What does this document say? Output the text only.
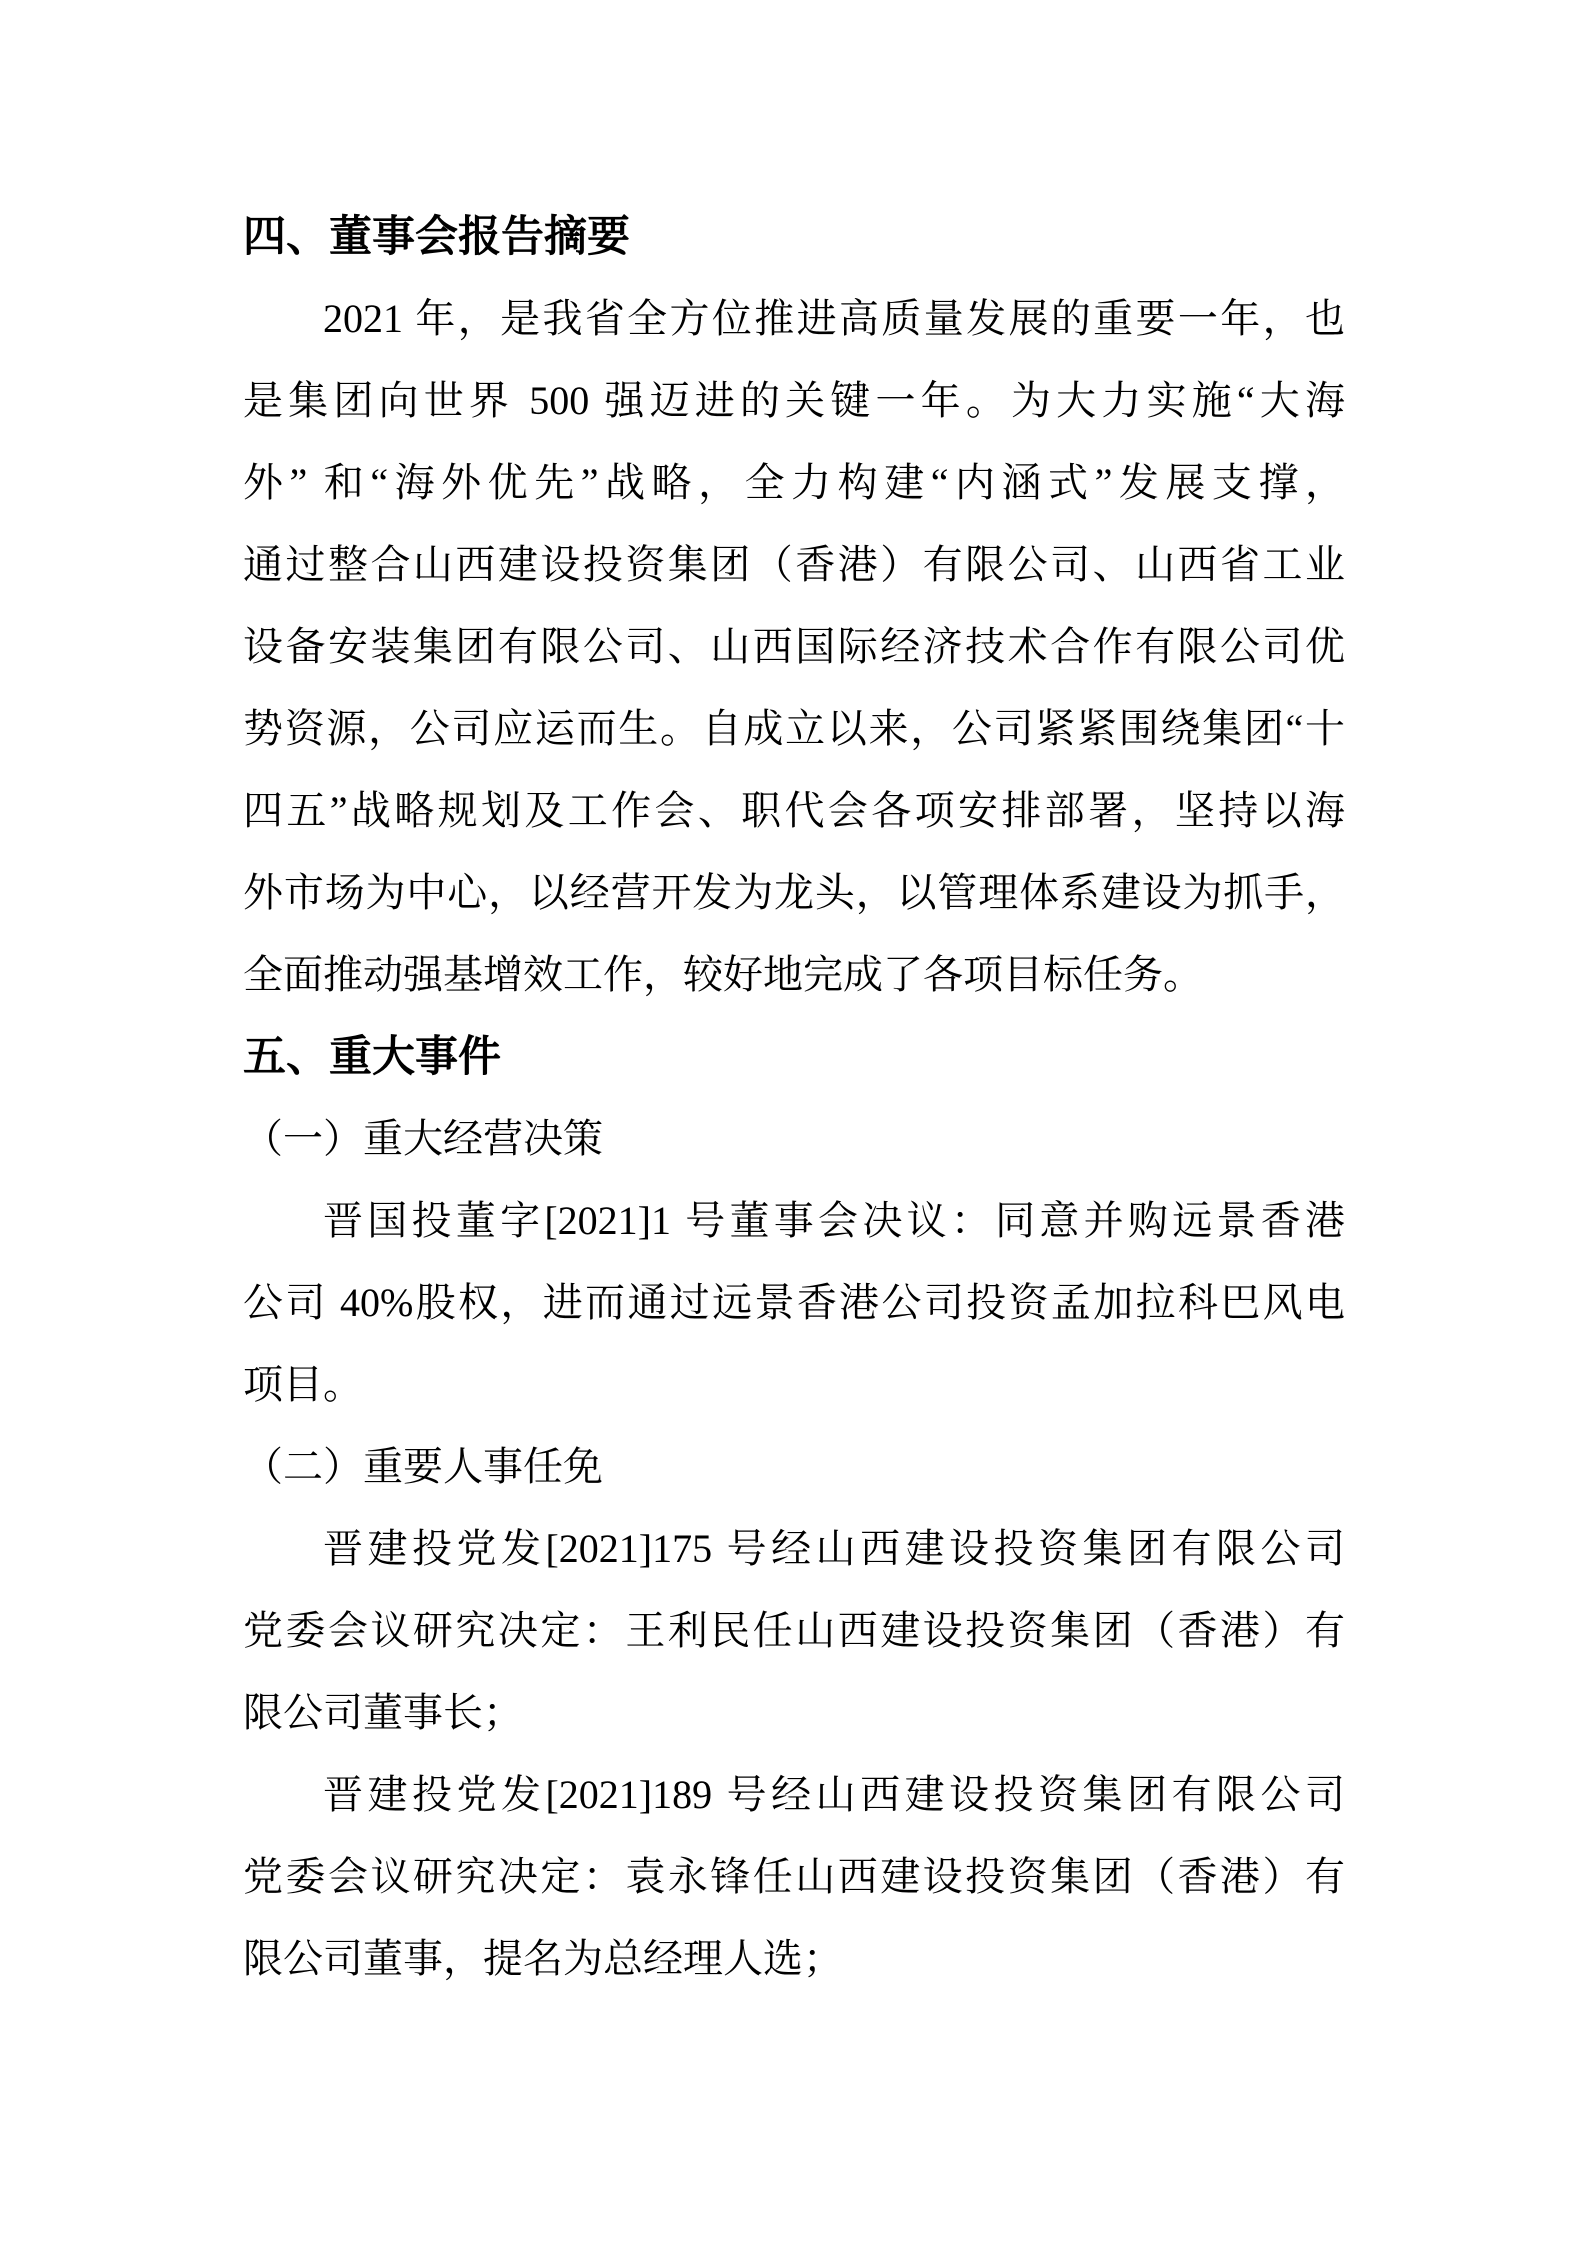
四、董事会报告摘要
2021 年，是我省全方位推进高质量发展的重要一年，也
是集团向世界 500 强迈进的关键一年。为大力实施“大海
外” 和“海外优先”战略，全力构建“内涵式”发展支撑，
通过整合山西建设投资集团（香港）有限公司、山西省工业
设备安装集团有限公司、山西国际经济技术合作有限公司优
势资源，公司应运而生。自成立以来，公司紧紧围绕集团“十
四五”战略规划及工作会、职代会各项安排部署，坚持以海
外市场为中心，以经营开发为龙头，以管理体系建设为抓手，
全面推动强基增效工作，较好地完成了各项目标任务。
五、重大事件
（一）重大经营决策
晋国投董字[2021]1 号董事会决议：同意并购远景香港
公司 40%股权，进而通过远景香港公司投资孟加拉科巴风电
项目。
（二）重要人事任免
晋建投党发[2021]175 号经山西建设投资集团有限公司
党委会议研究决定：王利民任山西建设投资集团（香港）有
限公司董事长；
晋建投党发[2021]189 号经山西建设投资集团有限公司
党委会议研究决定：袁永锋任山西建设投资集团（香港）有
限公司董事，提名为总经理人选；
